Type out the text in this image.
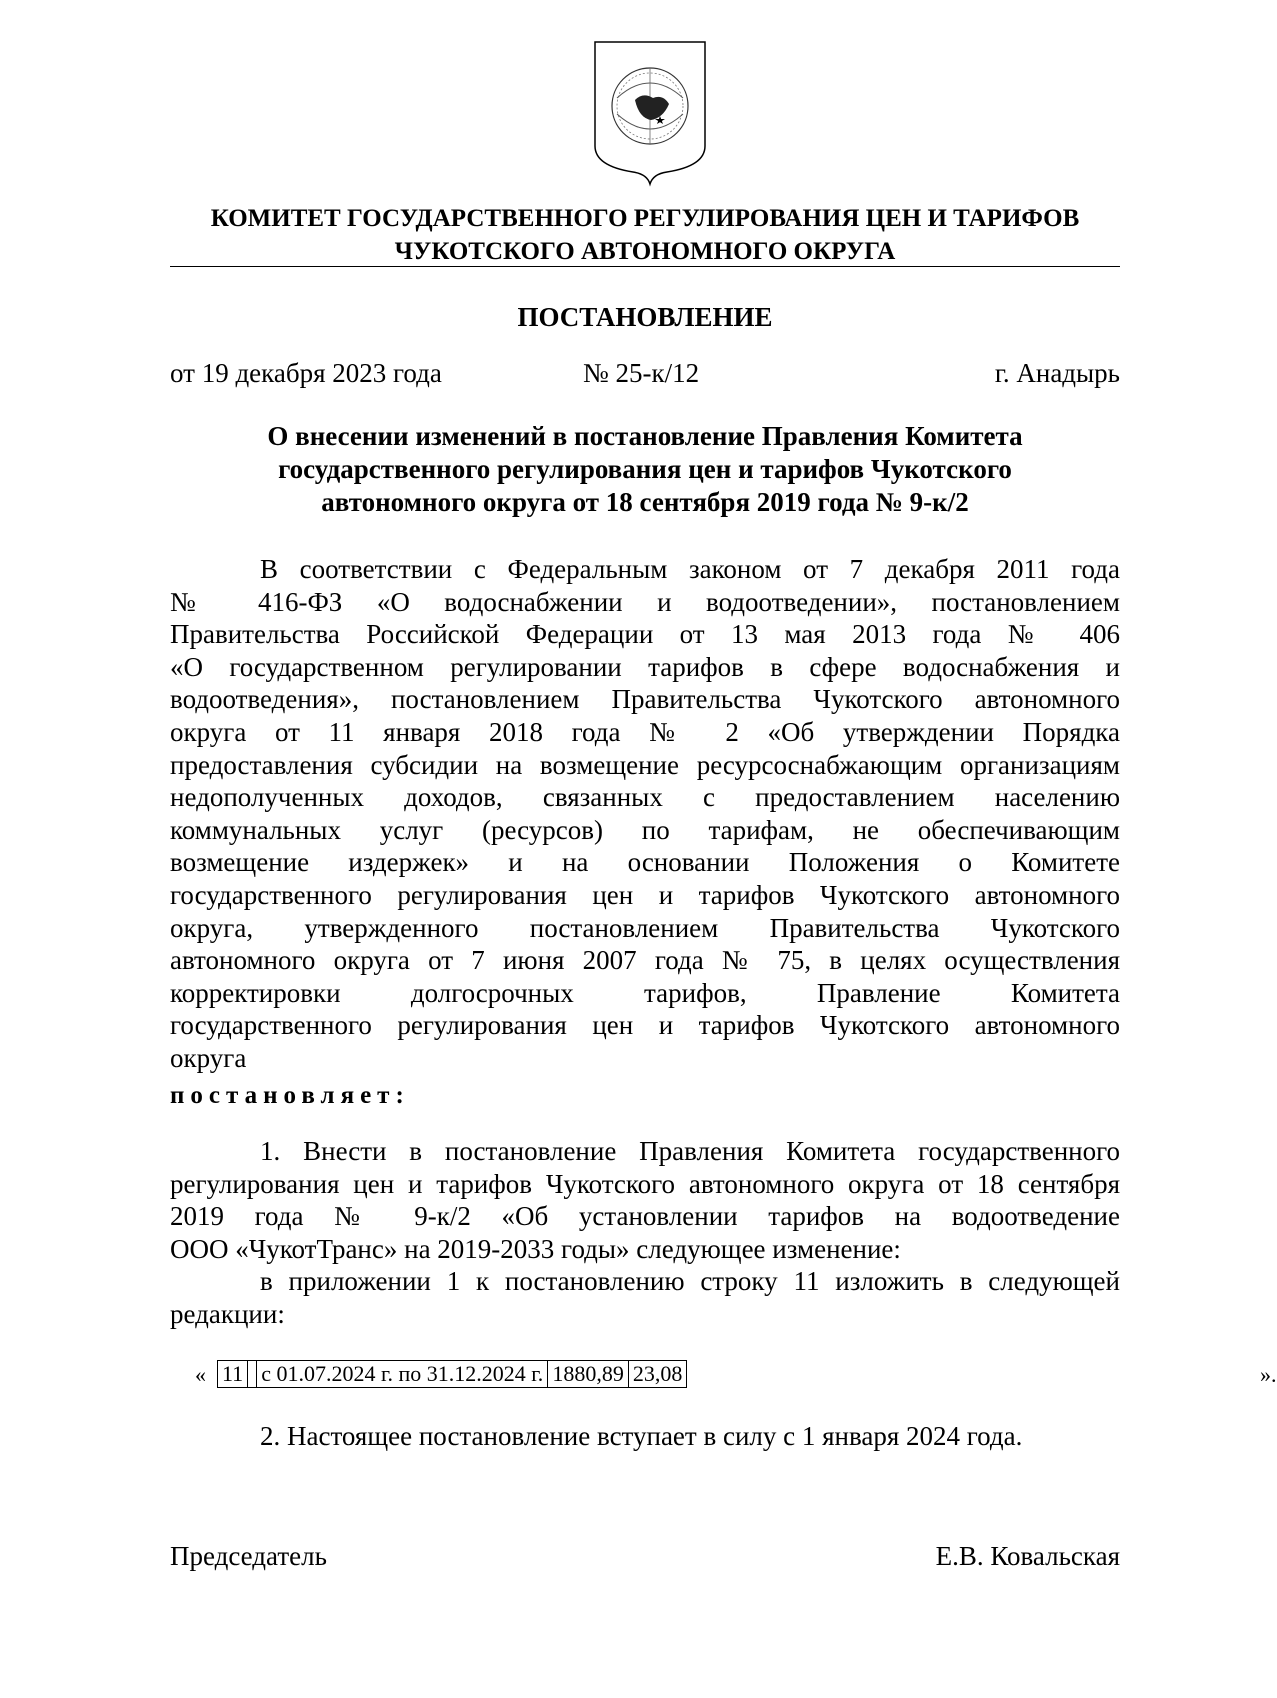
КОМИТЕТ ГОСУДАРСТВЕННОГО РЕГУЛИРОВАНИЯ ЦЕН И ТАРИФОВ
ЧУКОТСКОГО АВТОНОМНОГО ОКРУГА
ПОСТАНОВЛЕНИЕ
от 19 декабря 2023 года	№ 25-к/12	г. Анадырь
О внесении изменений в постановление Правления Комитета
государственного регулирования цен и тарифов Чукотского
автономного округа от 18 сентября 2019 года № 9-к/2
В соответствии с Федеральным законом от 7 декабря 2011 года
№ 416-ФЗ «О водоснабжении и водоотведении», постановлением
Правительства Российской Федерации от 13 мая 2013 года № 406
«О государственном регулировании тарифов в сфере водоснабжения и
водоотведения», постановлением Правительства Чукотского автономного
округа от 11 января 2018 года № 2 «Об утверждении Порядка
предоставления субсидии на возмещение ресурсоснабжающим организациям
недополученных доходов, связанных с предоставлением населению
коммунальных услуг (ресурсов) по тарифам, не обеспечивающим
возмещение издержек» и на основании Положения о Комитете
государственного регулирования цен и тарифов Чукотского автономного
округа, утвержденного постановлением Правительства Чукотского
автономного округа от 7 июня 2007 года № 75, в целях осуществления
корректировки долгосрочных тарифов, Правление Комитета
государственного регулирования цен и тарифов Чукотского автономного
округа
постановляет:
1. Внести в постановление Правления Комитета государственного
регулирования цен и тарифов Чукотского автономного округа от 18 сентября
2019 года № 9-к/2 «Об установлении тарифов на водоотведение
ООО «ЧукотТранс» на 2019-2033 годы» следующее изменение:
в приложении 1 к постановлению строку 11 изложить в следующей
редакции:
« 11		с 01.07.2024 г. по 31.12.2024 г.	1880,89	23,08	».
2. Настоящее постановление вступает в силу с 1 января 2024 года.
Председатель	Е.В. Ковальская
